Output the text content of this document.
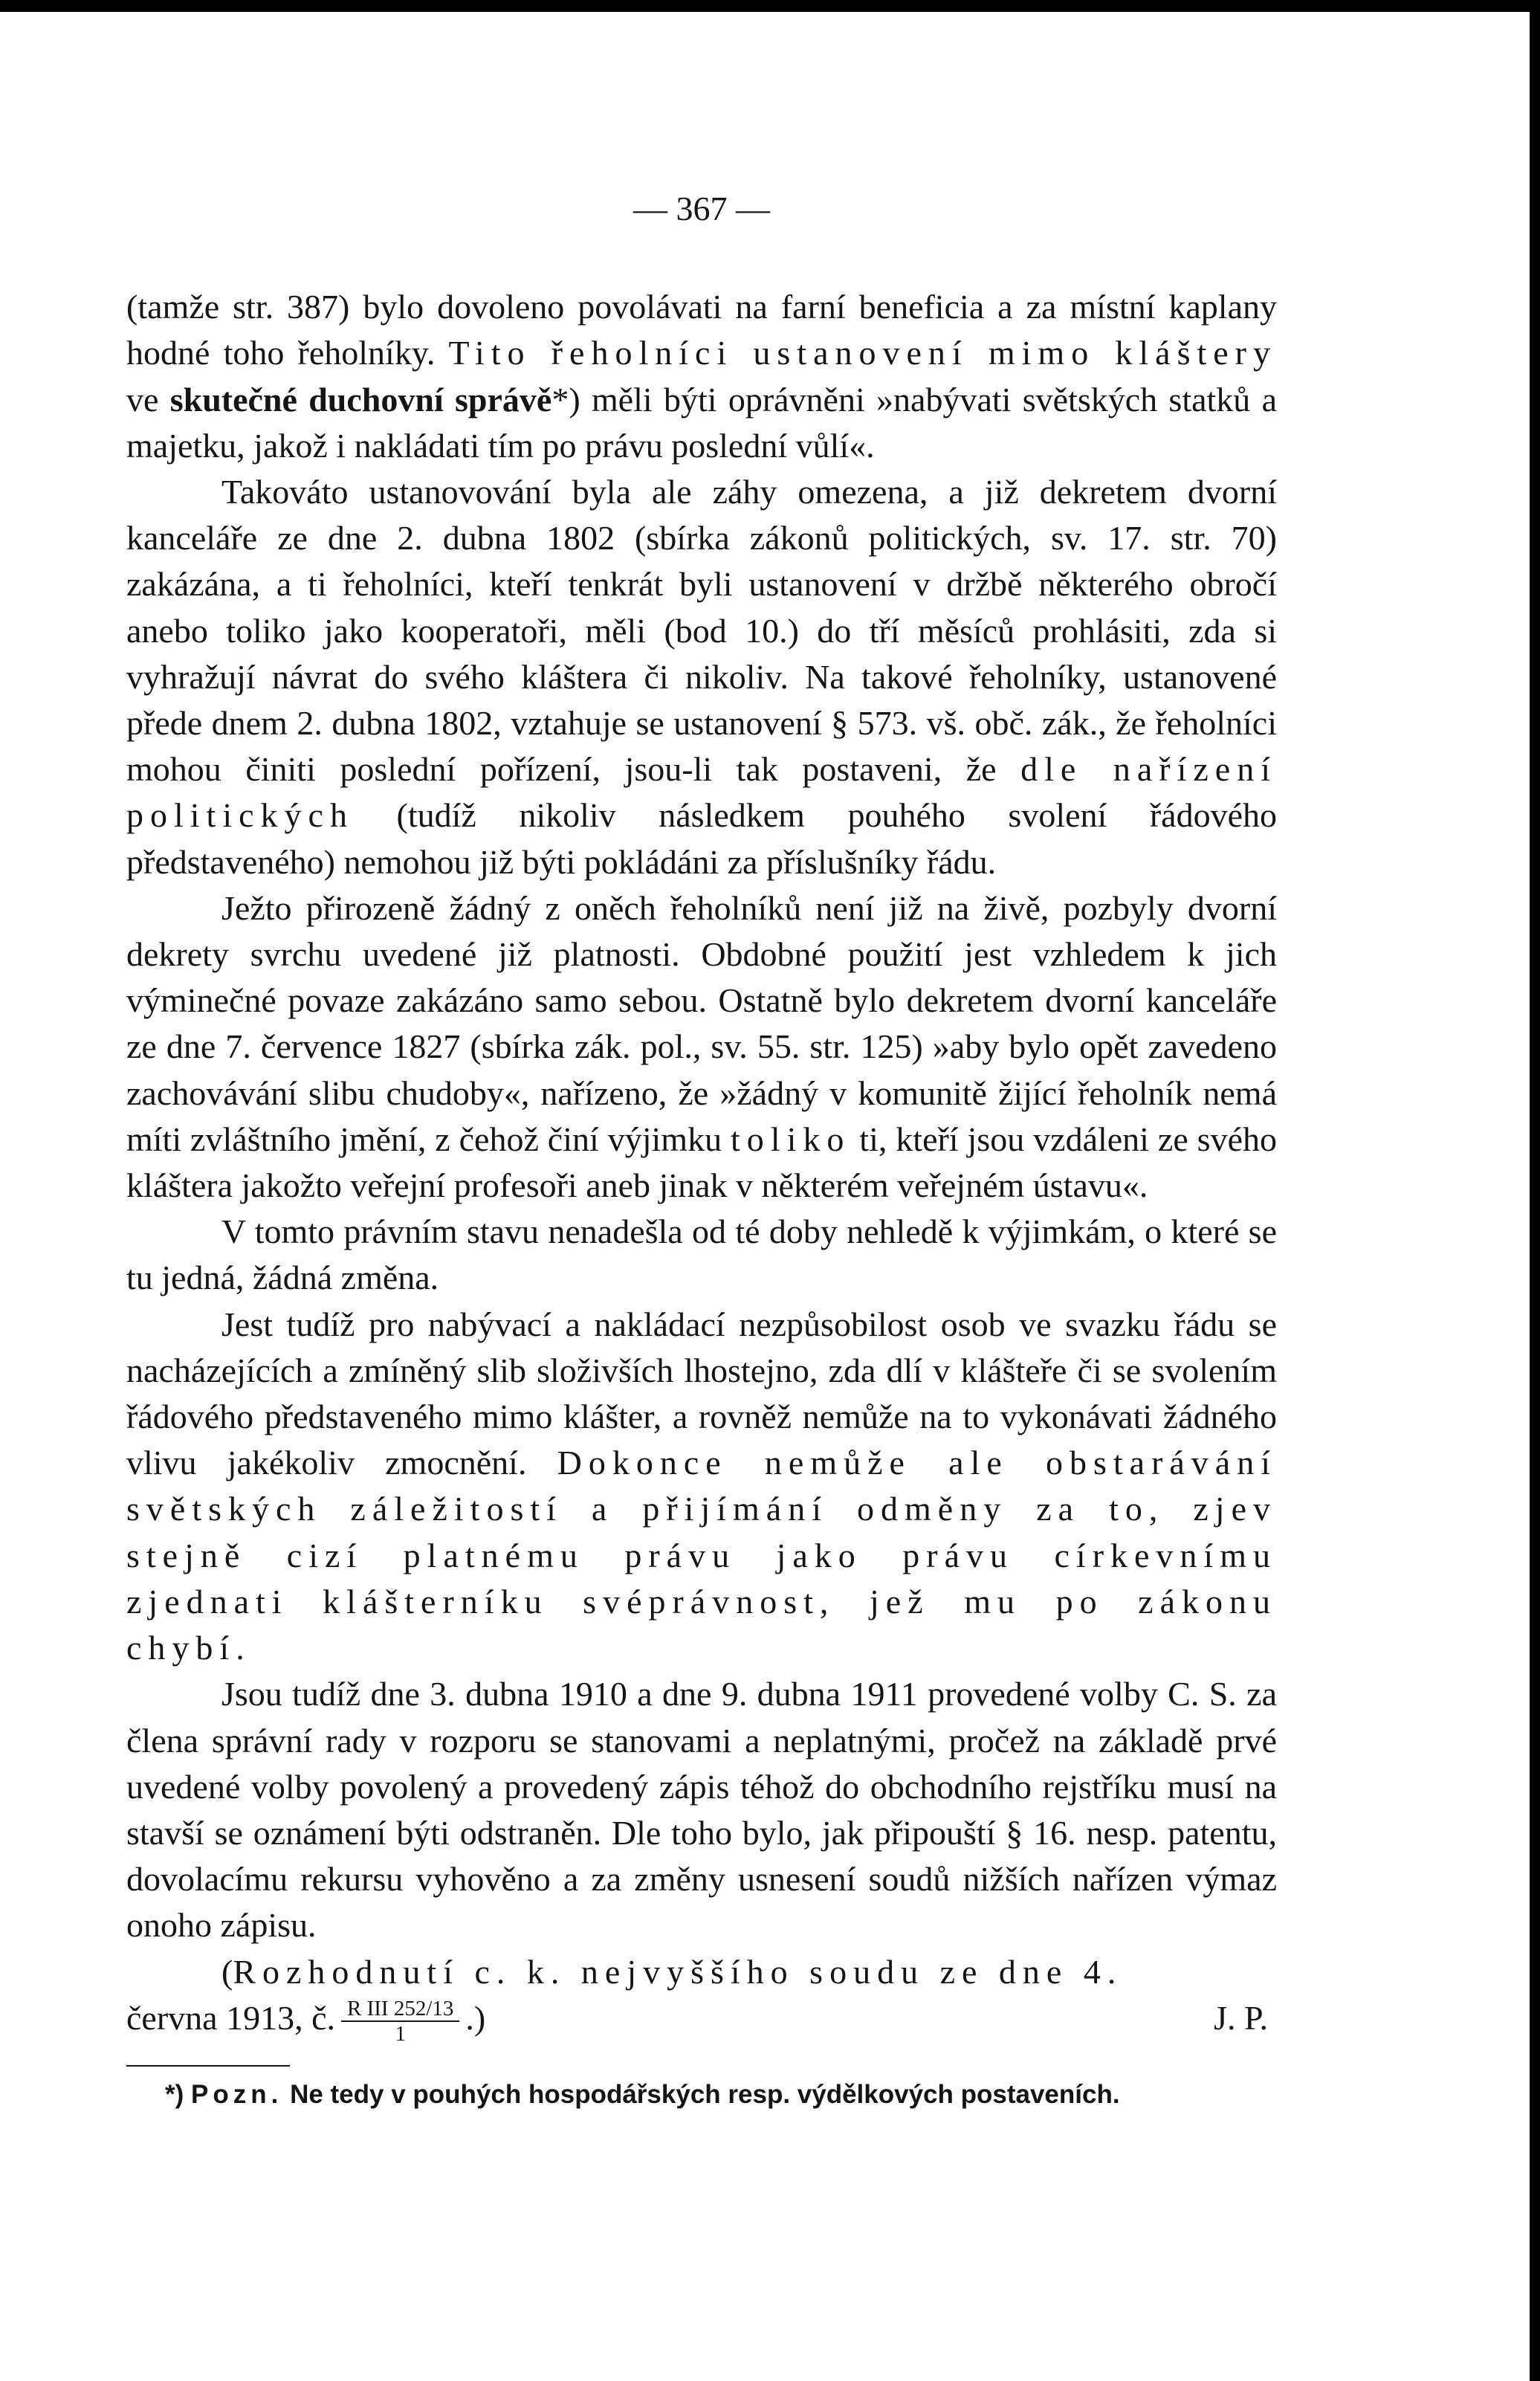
— 367 —

(tamže str. 387) bylo dovoleno povolávati na farní beneficia a za místní kaplany hodné toho řeholníky. Tito řeholníci ustanovení mimo kláštery ve skutečné duchovní správě*) měli býti oprávněni »nabývati světských statků a majetku, jakož i nakládati tím po právu poslední vůlí«.

Takováto ustanovování byla ale záhy omezena, a již dekretem dvorní kanceláře ze dne 2. dubna 1802 (sbírka zákonů politických, sv. 17. str. 70) zakázána, a ti řeholníci, kteří tenkrát byli ustanovení v držbě některého obročí anebo toliko jako kooperatoři, měli (bod 10.) do tří měsíců prohlásiti, zda si vyhražují návrat do svého kláštera či nikoliv. Na takové řeholníky, ustanovené přede dnem 2. dubna 1802, vztahuje se ustanovení § 573. vš. obč. zák., že řeholníci mohou činiti poslední pořízení, jsou-li tak postaveni, že dle nařízení politických (tudíž nikoliv následkem pouhého svolení řádového představeného) nemohou již býti pokládáni za příslušníky řádu.

Ježto přirozeně žádný z oněch řeholníků není již na živě, pozbyly dvorní dekrety svrchu uvedené již platnosti. Obdobné použití jest vzhledem k jich výminečné povaze zakázáno samo sebou. Ostatně bylo dekretem dvorní kanceláře ze dne 7. července 1827 (sbírka zák. pol., sv. 55. str. 125) »aby bylo opět zavedeno zachovávání slibu chudoby«, nařízeno, že »žádný v komunitě žijící řeholník nemá míti zvláštního jmění, z čehož činí výjimku toliko ti, kteří jsou vzdáleni ze svého kláštera jakožto veřejní profesoři aneb jinak v některém veřejném ústavu«.

V tomto právním stavu nenadešla od té doby nehledě k výjimkám, o které se tu jedná, žádná změna.

Jest tudíž pro nabývací a nakládací nezpůsobilost osob ve svazku řádu se nacházejících a zmíněný slib složivších lhostejno, zda dlí v klášteře či se svolením řádového představeného mimo klášter, a rovněž nemůže na to vykonávati žádného vlivu jakékoliv zmocnění. Dokonce nemůže ale obstarávání světských záležitostí a přijímání odměny za to, zjev stejně cizí platnému právu jako právu církevnímu zjednati klášterníku svéprávnost, jež mu po zákonu chybí.

Jsou tudíž dne 3. dubna 1910 a dne 9. dubna 1911 provedené volby C. S. za člena správní rady v rozporu se stanovami a neplatnými, pročež na základě prvé uvedené volby povolený a provedený zápis téhož do obchodního rejstříku musí na stavší se oznámení býti odstraněn. Dle toho bylo, jak připouští § 16. nesp. patentu, dovolacímu rekursu vyhověno a za změny usnesení soudů nižších nařízen výmaz onoho zápisu.

(Rozhodnutí c. k. nejvyššího soudu ze dne 4.
června 1913, č. $\frac{\text{R III 252/13}}{1}$ .)	J. P.

*) Pozn. Ne tedy v pouhých hospodářských resp. výdělkových postaveních.
